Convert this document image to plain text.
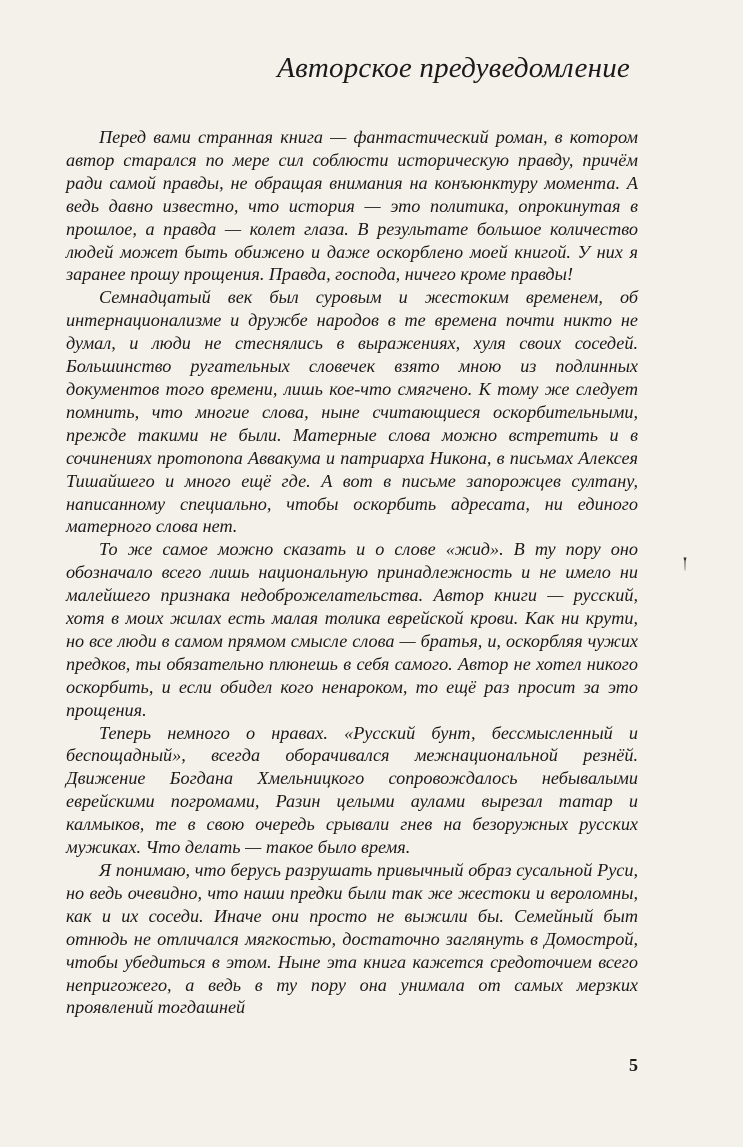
Авторское предуведомление

Перед вами странная книга — фантастический роман, в котором автор старался по мере сил соблюсти историческую правду, причём ради самой правды, не обращая внимания на конъюнктуру момента. А ведь давно известно, что история — это политика, опрокинутая в прошлое, а правда — колет глаза. В результате большое количество людей может быть обижено и даже оскорблено моей книгой. У них я заранее прошу прощения. Правда, господа, ничего кроме правды!

Семнадцатый век был суровым и жестоким временем, об интернационализме и дружбе народов в те времена почти никто не думал, и люди не стеснялись в выражениях, хуля своих соседей. Большинство ругательных словечек взято мною из подлинных документов того времени, лишь кое-что смягчено. К тому же следует помнить, что многие слова, ныне считающиеся оскорбительными, прежде такими не были. Матерные слова можно встретить и в сочинениях протопопа Аввакума и патриарха Никона, в письмах Алексея Тишайшего и много ещё где. А вот в письме запорожцев султану, написанному специально, чтобы оскорбить адресата, ни единого матерного слова нет.

То же самое можно сказать и о слове «жид». В ту пору оно обозначало всего лишь национальную принадлежность и не имело ни малейшего признака недоброжелательства. Автор книги — русский, хотя в моих жилах есть малая толика еврейской крови. Как ни крути, но все люди в самом прямом смысле слова — братья, и, оскорбляя чужих предков, ты обязательно плюнешь в себя самого. Автор не хотел никого оскорбить, и если обидел кого ненароком, то ещё раз просит за это прощения.

Теперь немного о нравах. «Русский бунт, бессмысленный и беспощадный», всегда оборачивался межнациональной резнёй. Движение Богдана Хмельницкого сопровождалось небывалыми еврейскими погромами, Разин целыми аулами вырезал татар и калмыков, те в свою очередь срывали гнев на безоружных русских мужиках. Что делать — такое было время.

Я понимаю, что берусь разрушать привычный образ сусальной Руси, но ведь очевидно, что наши предки были так же жестоки и вероломны, как и их соседи. Иначе они просто не выжили бы. Семейный быт отнюдь не отличался мягкостью, достаточно заглянуть в Домострой, чтобы убедиться в этом. Ныне эта книга кажется средоточием всего непригожего, а ведь в ту пору она унимала от самых мерзких проявлений тогдашней

5
